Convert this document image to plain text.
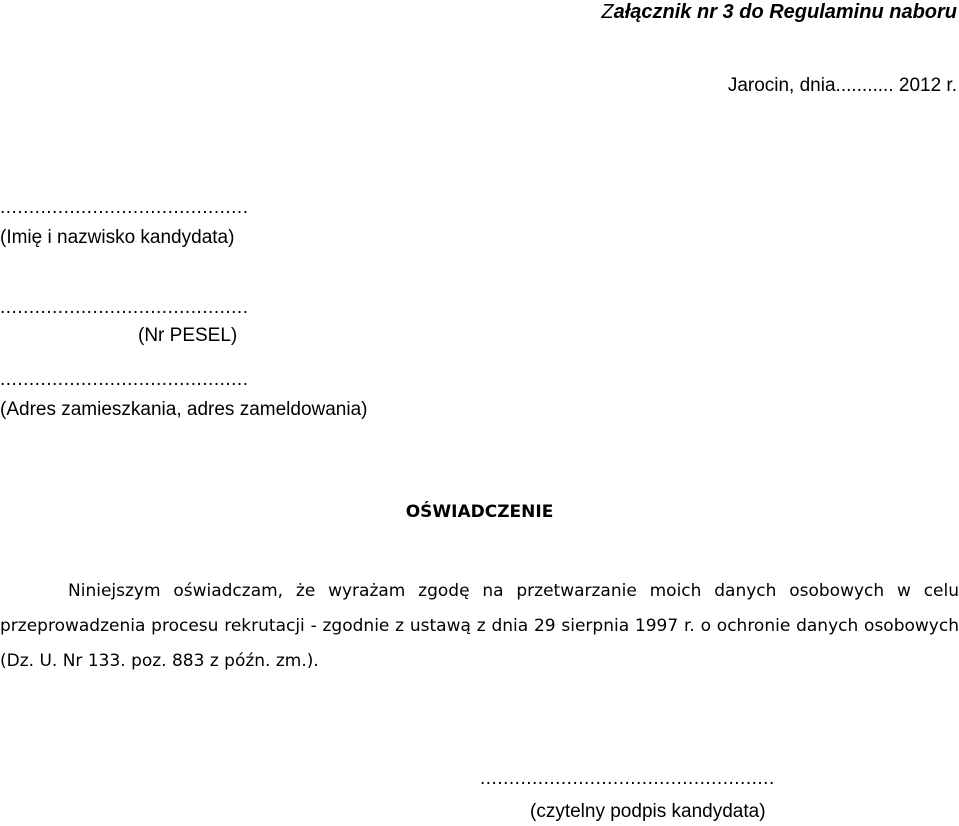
Załącznik nr 3 do Regulaminu naboru
Jarocin, dnia........... 2012 r.
...........................................
(Imię i nazwisko kandydata)
...........................................
(Nr PESEL)
...........................................
(Adres zamieszkania, adres zameldowania)
OŚWIADCZENIE
Niniejszym oświadczam, że wyrażam zgodę na przetwarzanie moich danych osobowych w celu przeprowadzenia procesu rekrutacji - zgodnie z ustawą z dnia 29 sierpnia 1997 r. o ochronie danych osobowych (Dz. U. Nr 133. poz. 883 z późn. zm.).
...................................................
(czytelny podpis kandydata)
